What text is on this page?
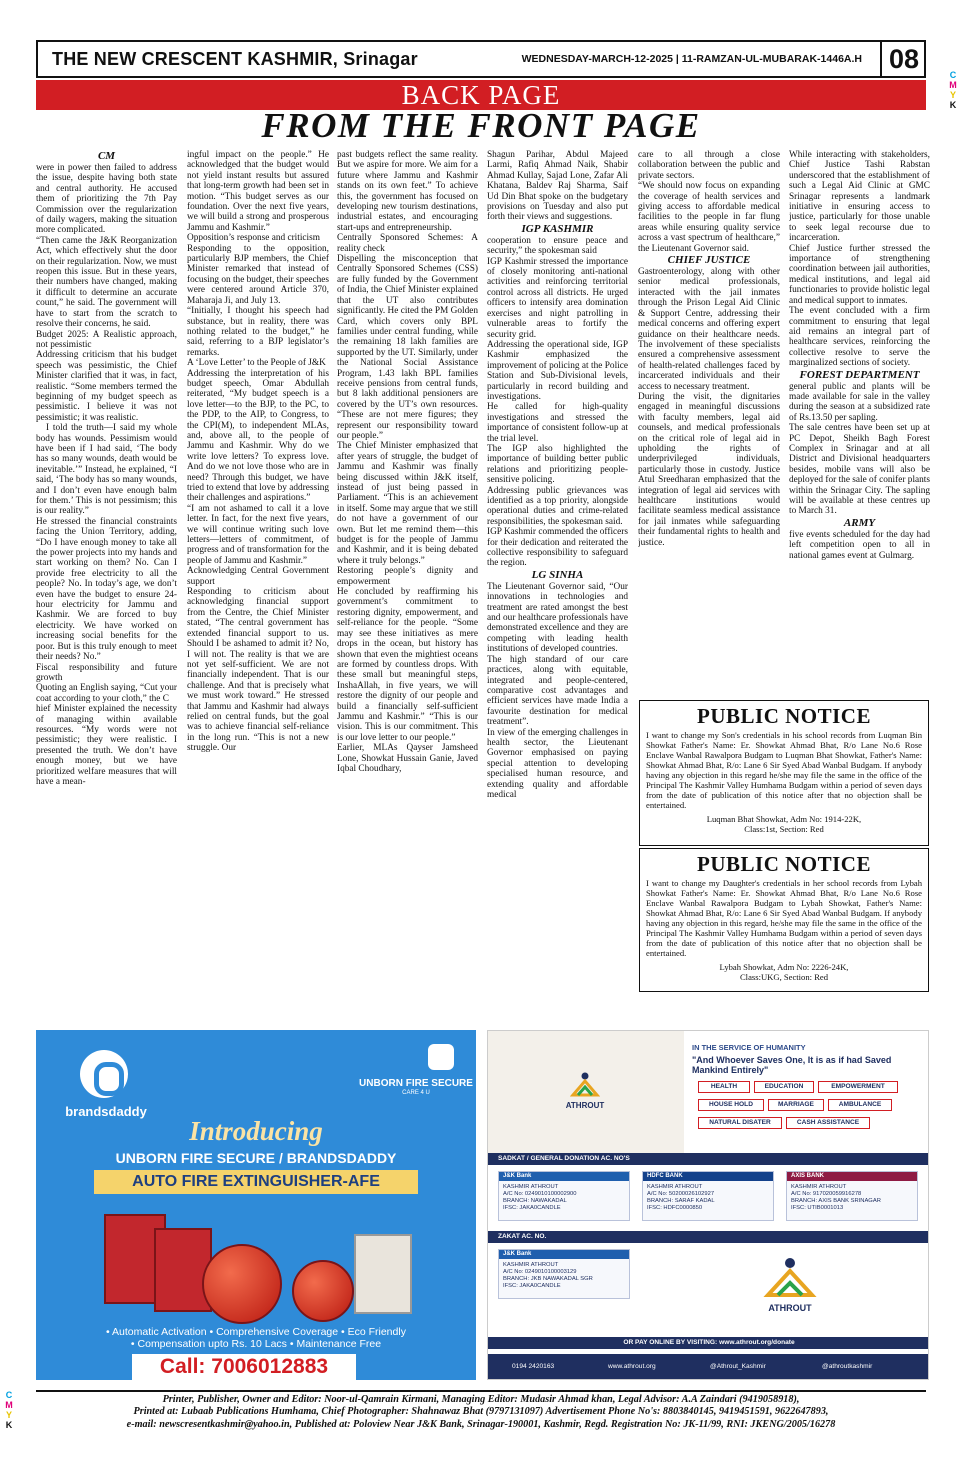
C
M
Y
K
C
M
Y
K
THE NEW CRESCENT KASHMIR, Srinagar	WEDNESDAY-MARCH-12-2025 | 11-RAMZAN-UL-MUBARAK-1446A.H 08
BACK PAGE
FROM THE FRONT PAGE
CM

were in power then failed to address the issue, despite having both state and central authority. He accused them of prioritizing the 7th Pay Commission over the regularization of daily wagers, making the situation more complicated.

“Then came the J&K Reorganization Act, which effectively shut the door on their regularization. Now, we must reopen this issue. But in these years, their numbers have changed, making it difficult to determine an accurate count,” he said. The government will have to start from the scratch to resolve their concerns, he said.

Budget 2025: A Realistic approach, not pessimistic

Addressing criticism that his budget speech was pessimistic, the Chief Minister clarified that it was, in fact, realistic. “Some members termed the beginning of my budget speech as pessimistic. I believe it was not pessimistic; it was realistic.

I told the truth—I said my whole body has wounds. Pessimism would have been if I had said, ‘The body has so many wounds, death would be inevitable.’” Instead, he explained, “I said, ‘The body has so many wounds, and I don’t even have enough balm for them.’ This is not pessimism; this is our reality.”

He stressed the financial constraints facing the Union Territory, adding, “Do I have enough money to take all the power projects into my hands and start working on them? No. Can I provide free electricity to all the people? No. In today’s age, we don’t even have the budget to ensure 24-hour electricity for Jammu and Kashmir. We are forced to buy electricity. We have worked on increasing social benefits for the poor. But is this truly enough to meet their needs? No.”

Fiscal responsibility and future growth

Quoting an English saying, “Cut your coat according to your cloth,” the C

hief Minister explained the necessity of managing within available resources. “My words were not pessimistic; they were realistic. I presented the truth. We don’t have enough money, but we have prioritized welfare measures that will have a mean-

ingful impact on the people.” He acknowledged that the budget would not yield instant results but assured that long-term growth had been set in motion. “This budget serves as our foundation. Over the next five years, we will build a strong and prosperous Jammu and Kashmir.”

Opposition’s response and criticism

Responding to the opposition, particularly BJP members, the Chief Minister remarked that instead of focusing on the budget, their speeches were centered around Article 370, Maharaja Ji, and July 13.

“Initially, I thought his speech had substance, but in reality, there was nothing related to the budget,” he said, referring to a BJP legislator’s remarks.

A ‘Love Letter’ to the People of J&K

Addressing the interpretation of his budget speech, Omar Abdullah reiterated, “My budget speech is a love letter—to the BJP, to the PC, to the PDP, to the AIP, to Congress, to the CPI(M), to independent MLAs, and, above all, to the people of Jammu and Kashmir. Why do we write love letters? To express love. And do we not love those who are in need? Through this budget, we have tried to extend that love by addressing their challenges and aspirations.”

“I am not ashamed to call it a love letter. In fact, for the next five years, we will continue writing such love letters—letters of commitment, of progress and of transformation for the people of Jammu and Kashmir.”

Acknowledging Central Government support

Responding to criticism about acknowledging financial support from the Centre, the Chief Minister stated, “The central government has extended financial support to us. Should I be ashamed to admit it? No, I will not. The reality is that we are not yet self-sufficient. We are not financially independent. That is our challenge. And that is precisely what we must work toward.” He stressed that Jammu and Kashmir had always relied on central funds, but the goal was to achieve financial self-reliance in the long run. “This is not a new struggle. Our

past budgets reflect the same reality. But we aspire for more. We aim for a future where Jammu and Kashmir stands on its own feet.” To achieve this, the government has focused on developing new tourism destinations, industrial estates, and encouraging start-ups and entrepreneurship.

Centrally Sponsored Schemes: A reality check

Dispelling the misconception that Centrally Sponsored Schemes (CSS) are fully funded by the Government of India, the Chief Minister explained that the UT also contributes significantly. He cited the PM Golden Card, which covers only BPL families under central funding, while the remaining 18 lakh families are supported by the UT. Similarly, under the National Social Assistance Program, 1.43 lakh BPL families receive pensions from central funds, but 8 lakh additional pensioners are covered by the UT’s own resources. “These are not mere figures; they represent our responsibility toward our people.”

The Chief Minister emphasized that after years of struggle, the budget of Jammu and Kashmir was finally being discussed within J&K itself, instead of just being passed in Parliament. “This is an achievement in itself. Some may argue that we still do not have a government of our own. But let me remind them—this budget is for the people of Jammu and Kashmir, and it is being debated where it truly belongs.”

Restoring people’s dignity and empowerment

He concluded by reaffirming his government’s commitment to restoring dignity, empowerment, and self-reliance for the people. “Some may see these initiatives as mere drops in the ocean, but history has shown that even the mightiest oceans are formed by countless drops. With these small but meaningful steps, InshaAllah, in five years, we will restore the dignity of our people and build a financially self-sufficient Jammu and Kashmir.” “This is our vision. This is our commitment. This is our love letter to our people.”

Earlier, MLAs Qayser Jamsheed Lone, Showkat Hussain Ganie, Javed Iqbal Choudhary,

Shagun Parihar, Abdul Majeed Larmi, Rafiq Ahmad Naik, Shabir Ahmad Kullay, Sajad Lone, Zafar Ali Khatana, Baldev Raj Sharma, Saif Ud Din Bhat spoke on the budgetary provisions on Tuesday and also put forth their views and suggestions.

IGP KASHMIR

cooperation to ensure peace and security,” the spokesman said

IGP Kashmir stressed the importance of closely monitoring anti-national activities and reinforcing territorial control across all districts. He urged officers to intensify area domination exercises and night patrolling in vulnerable areas to fortify the security grid.

Addressing the operational side, IGP Kashmir emphasized the improvement of policing at the Police Station and Sub-Divisional levels, particularly in record building and investigations.

He called for high-quality investigations and stressed the importance of consistent follow-up at the trial level.

The IGP also highlighted the importance of building better public relations and prioritizing people-sensitive policing.

Addressing public grievances was identified as a top priority, alongside operational duties and crime-related responsibilities, the spokesman said.

IGP Kashmir commended the officers for their dedication and reiterated the collective responsibility to safeguard the region.

LG SINHA

The Lieutenant Governor said, “Our innovations in technologies and treatment are rated amongst the best and our healthcare professionals have demonstrated excellence and they are competing with leading health institutions of developed countries.

The high standard of our care practices, along with equitable, integrated and people-centered, comparative cost advantages and efficient services have made India a favourite destination for medical treatment”.

In view of the emerging challenges in health sector, the Lieutenant Governor emphasised on paying special attention to developing specialised human resource, and extending quality and affordable medical

care to all through a close collaboration between the public and private sectors.

“We should now focus on expanding the coverage of health services and giving access to affordable medical facilities to the people in far flung areas while ensuring quality service across a vast spectrum of healthcare,” the Lieutenant Governor said.

CHIEF JUSTICE

Gastroenterology, along with other senior medical professionals, interacted with the jail inmates through the Prison Legal Aid Clinic & Support Centre, addressing their medical concerns and offering expert guidance on their healthcare needs. The involvement of these specialists ensured a comprehensive assessment of health-related challenges faced by incarcerated individuals and their access to necessary treatment.

During the visit, the dignitaries engaged in meaningful discussions with faculty members, legal aid counsels, and medical professionals on the critical role of legal aid in upholding the rights of underprivileged individuals, particularly those in custody. Justice Atul Sreedharan emphasized that the integration of legal aid services with healthcare institutions would facilitate seamless medical assistance for jail inmates while safeguarding their fundamental rights to health and justice.

While interacting with stakeholders, Chief Justice Tashi Rabstan underscored that the establishment of such a Legal Aid Clinic at GMC Srinagar represents a landmark initiative in ensuring access to justice, particularly for those unable to seek legal recourse due to incarceration.

Chief Justice further stressed the importance of strengthening coordination between jail authorities, medical institutions, and legal aid functionaries to provide holistic legal and medical support to inmates.

The event concluded with a firm commitment to ensuring that legal aid remains an integral part of healthcare services, reinforcing the collective resolve to serve the marginalized sections of society.

FOREST DEPARTMENT

general public and plants will be made available for sale in the valley during the season at a subsidized rate of Rs.13.50 per sapling.

The sale centres have been set up at PC Depot, Sheikh Bagh Forest Complex in Srinagar and at all District and Divisional headquarters besides, mobile vans will also be deployed for the sale of conifer plants within the Srinagar City. The sapling will be available at these centres up to March 31.

ARMY

five events scheduled for the day had left competition open to all in national games event at Gulmarg.

PUBLIC NOTICE
I want to change my Son's credentials in his school records from Luqman Bin Showkat Father's Name: Er. Showkat Ahmad Bhat, R/o Lane No.6 Rose Enclave Wanbal Rawalpora Budgam to Luqman Bhat Showkat, Father's Name: Showkat Ahmad Bhat, R/o: Lane 6 Sir Syed Abad Wanbal Budgam. If anybody having any objection in this regard he/she may file the same in the office of the Principal The Kashmir Valley Humhama Budgam within a period of seven days from the date of publication of this notice after that no objection shall be entertained.
Luqman Bhat Showkat, Adm No: 1914-22K,
Class:1st, Section: Red
PUBLIC NOTICE
I want to change my Daughter's credentials in her school records from Lybah Showkat Father's Name: Er. Showkat Ahmad Bhat, R/o Lane No.6 Rose Enclave Wanbal Rawalpora Budgam to Lybah Showkat, Father's Name: Showkat Ahmad Bhat, R/o: Lane 6 Sir Syed Abad Wanbal Budgam. If anybody having any objection in this regard, he/she may file the same in the office of the Principal The Kashmir Valley Humhama Budgam within a period of seven days from the date of publication of this notice after that no objection shall be entertained.
Lybah Showkat, Adm No: 2226-24K,
Class:UKG, Section: Red
brandsdaddy
UNBORN FIRE SECURE
CARE 4 U
Introducing
UNBORN FIRE SECURE / BRANDSDADDY
AUTO FIRE EXTINGUISHER-AFE
• Automatic Activation • Comprehensive Coverage • Eco Friendly
• Compensation upto Rs. 10 Lacs • Maintenance Free
Call: 7006012883
ATHROUT
IN THE SERVICE OF HUMANITY
"And Whoever Saves One, It is as if had Saved Mankind Entirely"
HEALTH	EDUCATION	EMPOWERMENT
HOUSE HOLD	MARRIAGE	AMBULANCE
NATURAL DISATER	CASH ASSISTANCE
SADKAT / GENERAL DONATION AC. NO'S
J&K Bank
KASHMIR ATHROUT
A/C No: 0249010100002900
BRANCH: NAWAKADAL
IFSC: JAKA0CANDLE
HDFC BANK
KASHMIR ATHROUT
A/C No: 50200026102927
BRANCH: SARAF KADAL
IFSC: HDFC0000850
AXIS BANK
KASHMIR ATHROUT
A/C No: 917020059916278
BRANCH: AXIS BANK SRINAGAR
IFSC: UTIB0001013
ZAKAT AC. NO.
J&K Bank
KASHMIR ATHROUT
A/C No: 0249010100003129
BRANCH: JKB NAWAKADAL SGR
IFSC: JAKA0CANDLE
ATHROUT
OR PAY ONLINE BY VISITING: www.athrout.org/donate
0194 2420163	www.athrout.org	@Athrout_Kashmir	@athroutkashmir
Printer, Publisher, Owner and Editor: Noor-ul-Qamrain Kirmani, Managing Editor: Mudasir Ahmad khan, Legal Advisor: A.A Zaindari (9419058918),
Printed at: Lubaab Publications Humhama, Chief Photographer: Shahnawaz Bhat (9797131097) Advertisement Phone No's: 8803840145, 9419451591, 9622647893,
e-mail: newscresentkashmir@yahoo.in, Published at: Poloview Near J&K Bank, Srinagar-190001, Kashmir, Regd. Registration No: JK-11/99, RNI: JKENG/2005/16278
